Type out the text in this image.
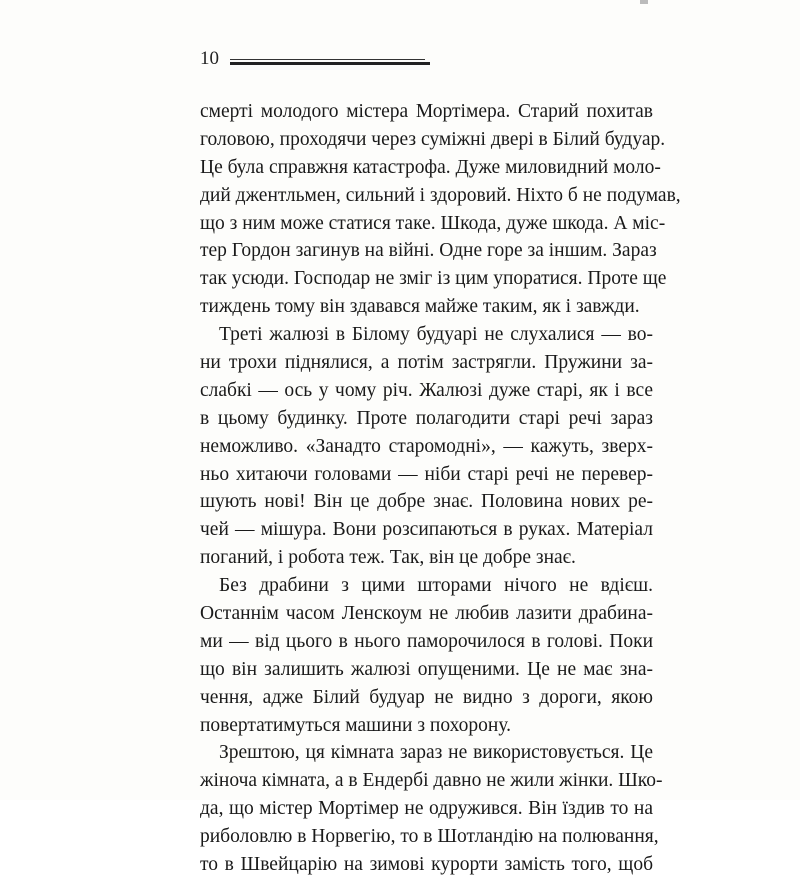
10
смерті молодого містера Мортімера. Старий похитав
головою, проходячи через суміжні двері в Білий будуар.
Це була справжня катастрофа. Дуже миловидний моло-
дий джентльмен, сильний і здоровий. Ніхто б не подумав,
що з ним може статися таке. Шкода, дуже шкода. А міс-
тер Гордон загинув на війні. Одне горе за іншим. Зараз
так усюди. Господар не зміг із цим упоратися. Проте ще
тиждень тому він здавався майже таким, як і завжди.
Треті жалюзі в Білому будуарі не слухалися — во-
ни трохи піднялися, а потім застрягли. Пружини за-
слабкі — ось у чому річ. Жалюзі дуже старі, як і все
в цьому будинку. Проте полагодити старі речі зараз
неможливо. «Занадто старомодні», — кажуть, зверх-
ньо хитаючи головами — ніби старі речі не перевер-
шують нові! Він це добре знає. Половина нових ре-
чей — мішура. Вони розсипаються в руках. Матеріал
поганий, і робота теж. Так, він це добре знає.
Без драбини з цими шторами нічого не вдієш.
Останнім часом Ленскоум не любив лазити драбина-
ми — від цього в нього паморочилося в голові. Поки
що він залишить жалюзі опущеними. Це не має зна-
чення, адже Білий будуар не видно з дороги, якою
повертатимуться машини з похорону.
Зрештою, ця кімната зараз не використовується. Це
жіноча кімната, а в Ендербі давно не жили жінки. Шко-
да, що містер Мортімер не одружився. Він їздив то на
риболовлю в Норвегію, то в Шотландію на полювання,
то в Швейцарію на зимові курорти замість того, щоб
